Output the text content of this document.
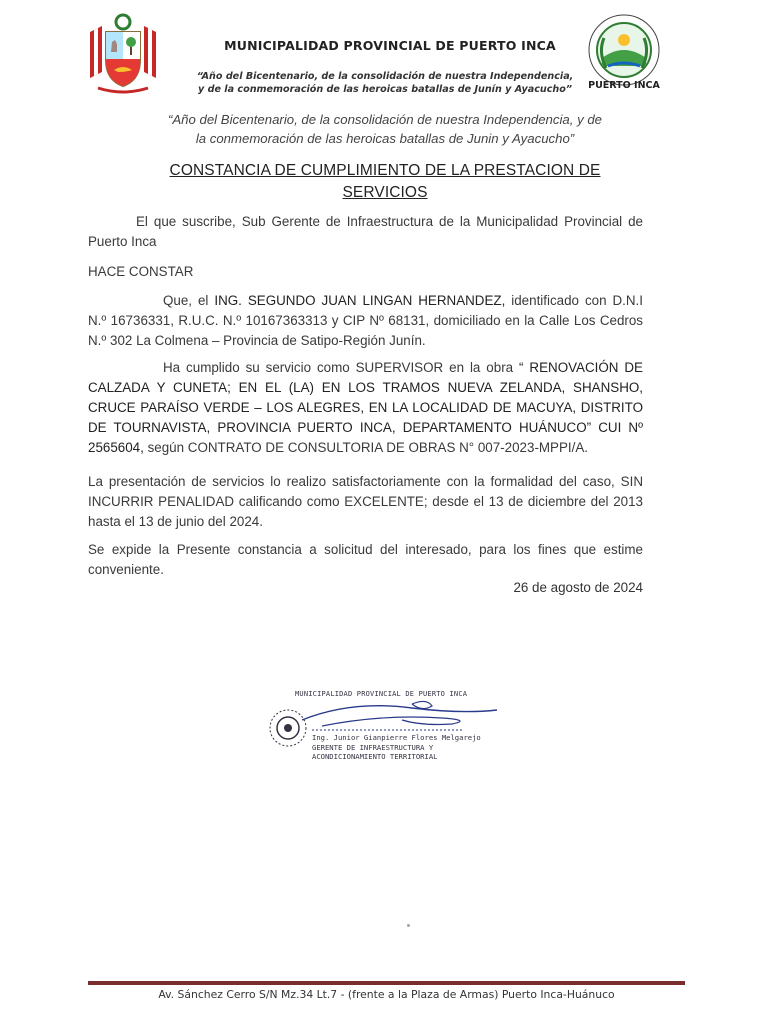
PUERTO INCA
MUNICIPALIDAD PROVINCIAL DE PUERTO INCA
“Año del Bicentenario, de la consolidación de nuestra Independencia,
y de la conmemoración de las heroicas batallas de Junín y Ayacucho”
“Año del Bicentenario, de la consolidación de nuestra Independencia, y de
la conmemoración de las heroicas batallas de Junin y Ayacucho”
CONSTANCIA DE CUMPLIMIENTO DE LA PRESTACION DE
SERVICIOS
El que suscribe, Sub Gerente de Infraestructura de la Municipalidad Provincial de Puerto Inca
HACE CONSTAR
Que, el ING. SEGUNDO JUAN LINGAN HERNANDEZ, identificado con D.N.I N.º 16736331, R.U.C. N.º 10167363313 y CIP Nº 68131, domiciliado en la Calle Los Cedros N.º 302 La Colmena – Provincia de Satipo-Región Junín.
Ha cumplido su servicio como SUPERVISOR en la obra “ RENOVACIÓN DE CALZADA Y CUNETA; EN EL (LA) EN LOS TRAMOS NUEVA ZELANDA, SHANSHO, CRUCE PARAÍSO VERDE – LOS ALEGRES, EN LA LOCALIDAD DE MACUYA, DISTRITO DE TOURNAVISTA, PROVINCIA PUERTO INCA, DEPARTAMENTO HUÁNUCO” CUI Nº 2565604, según CONTRATO DE CONSULTORIA DE OBRAS N° 007-2023-MPPI/A.
La presentación de servicios lo realizo satisfactoriamente con la formalidad del caso, SIN INCURRIR PENALIDAD calificando como EXCELENTE; desde el 13 de diciembre del 2013 hasta el 13 de junio del 2024.
Se expide la Presente constancia a solicitud del interesado, para los fines que estime conveniente.
26 de agosto de 2024
MUNICIPALIDAD PROVINCIAL DE PUERTO INCA
Ing. Junior Gianpierre Flores Melgarejo
GERENTE DE INFRAESTRUCTURA Y
ACONDICIONAMIENTO TERRITORIAL
Av. Sánchez Cerro S/N Mz.34 Lt.7 - (frente a la Plaza de Armas) Puerto Inca-Huánuco
